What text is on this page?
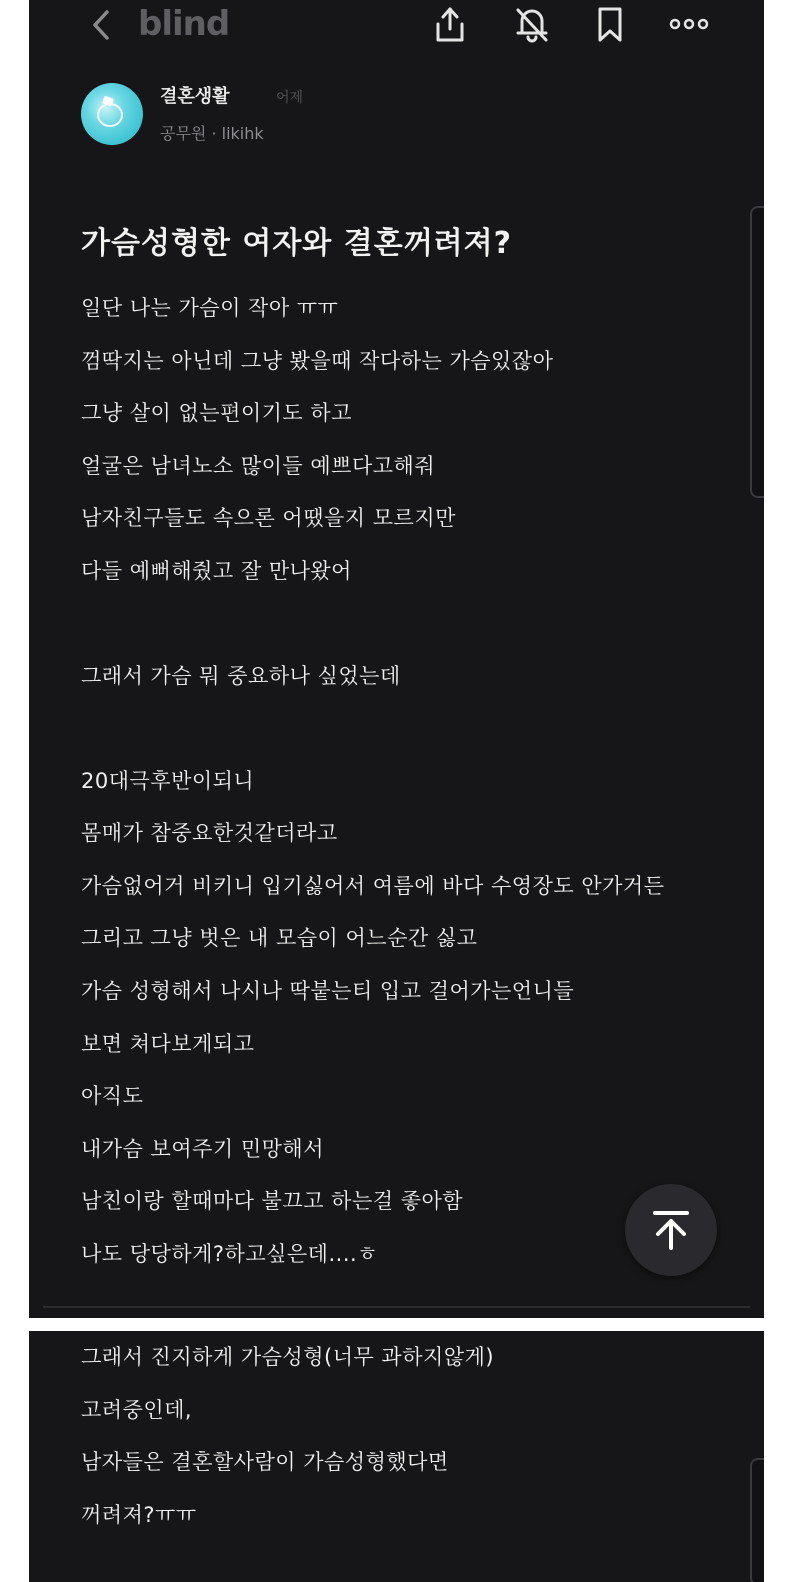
blind
결혼생활	어제
공무원 · likihk
가슴성형한 여자와 결혼꺼려져?
일단 나는 가슴이 작아 ㅠㅠ
껌딱지는 아닌데 그냥 봤을때 작다하는 가슴있잖아
그냥 살이 없는편이기도 하고
얼굴은 남녀노소 많이들 예쁘다고해줘
남자친구들도 속으론 어땠을지 모르지만
다들 예뻐해줬고 잘 만나왔어
그래서 가슴 뭐 중요하나 싶었는데
20대극후반이되니
몸매가 참중요한것같더라고
가슴없어거 비키니 입기싫어서 여름에 바다 수영장도 안가거든
그리고 그냥 벗은 내 모습이 어느순간 싫고
가슴 성형해서 나시나 딱붙는티 입고 걸어가는언니들
보면 쳐다보게되고
아직도
내가슴 보여주기 민망해서
남친이랑 할때마다 불끄고 하는걸 좋아함
나도 당당하게?하고싶은데....ㅎ
그래서 진지하게 가슴성형(너무 과하지않게)
고려중인데,
남자들은 결혼할사람이 가슴성형했다면
꺼려져?ㅠㅠ
